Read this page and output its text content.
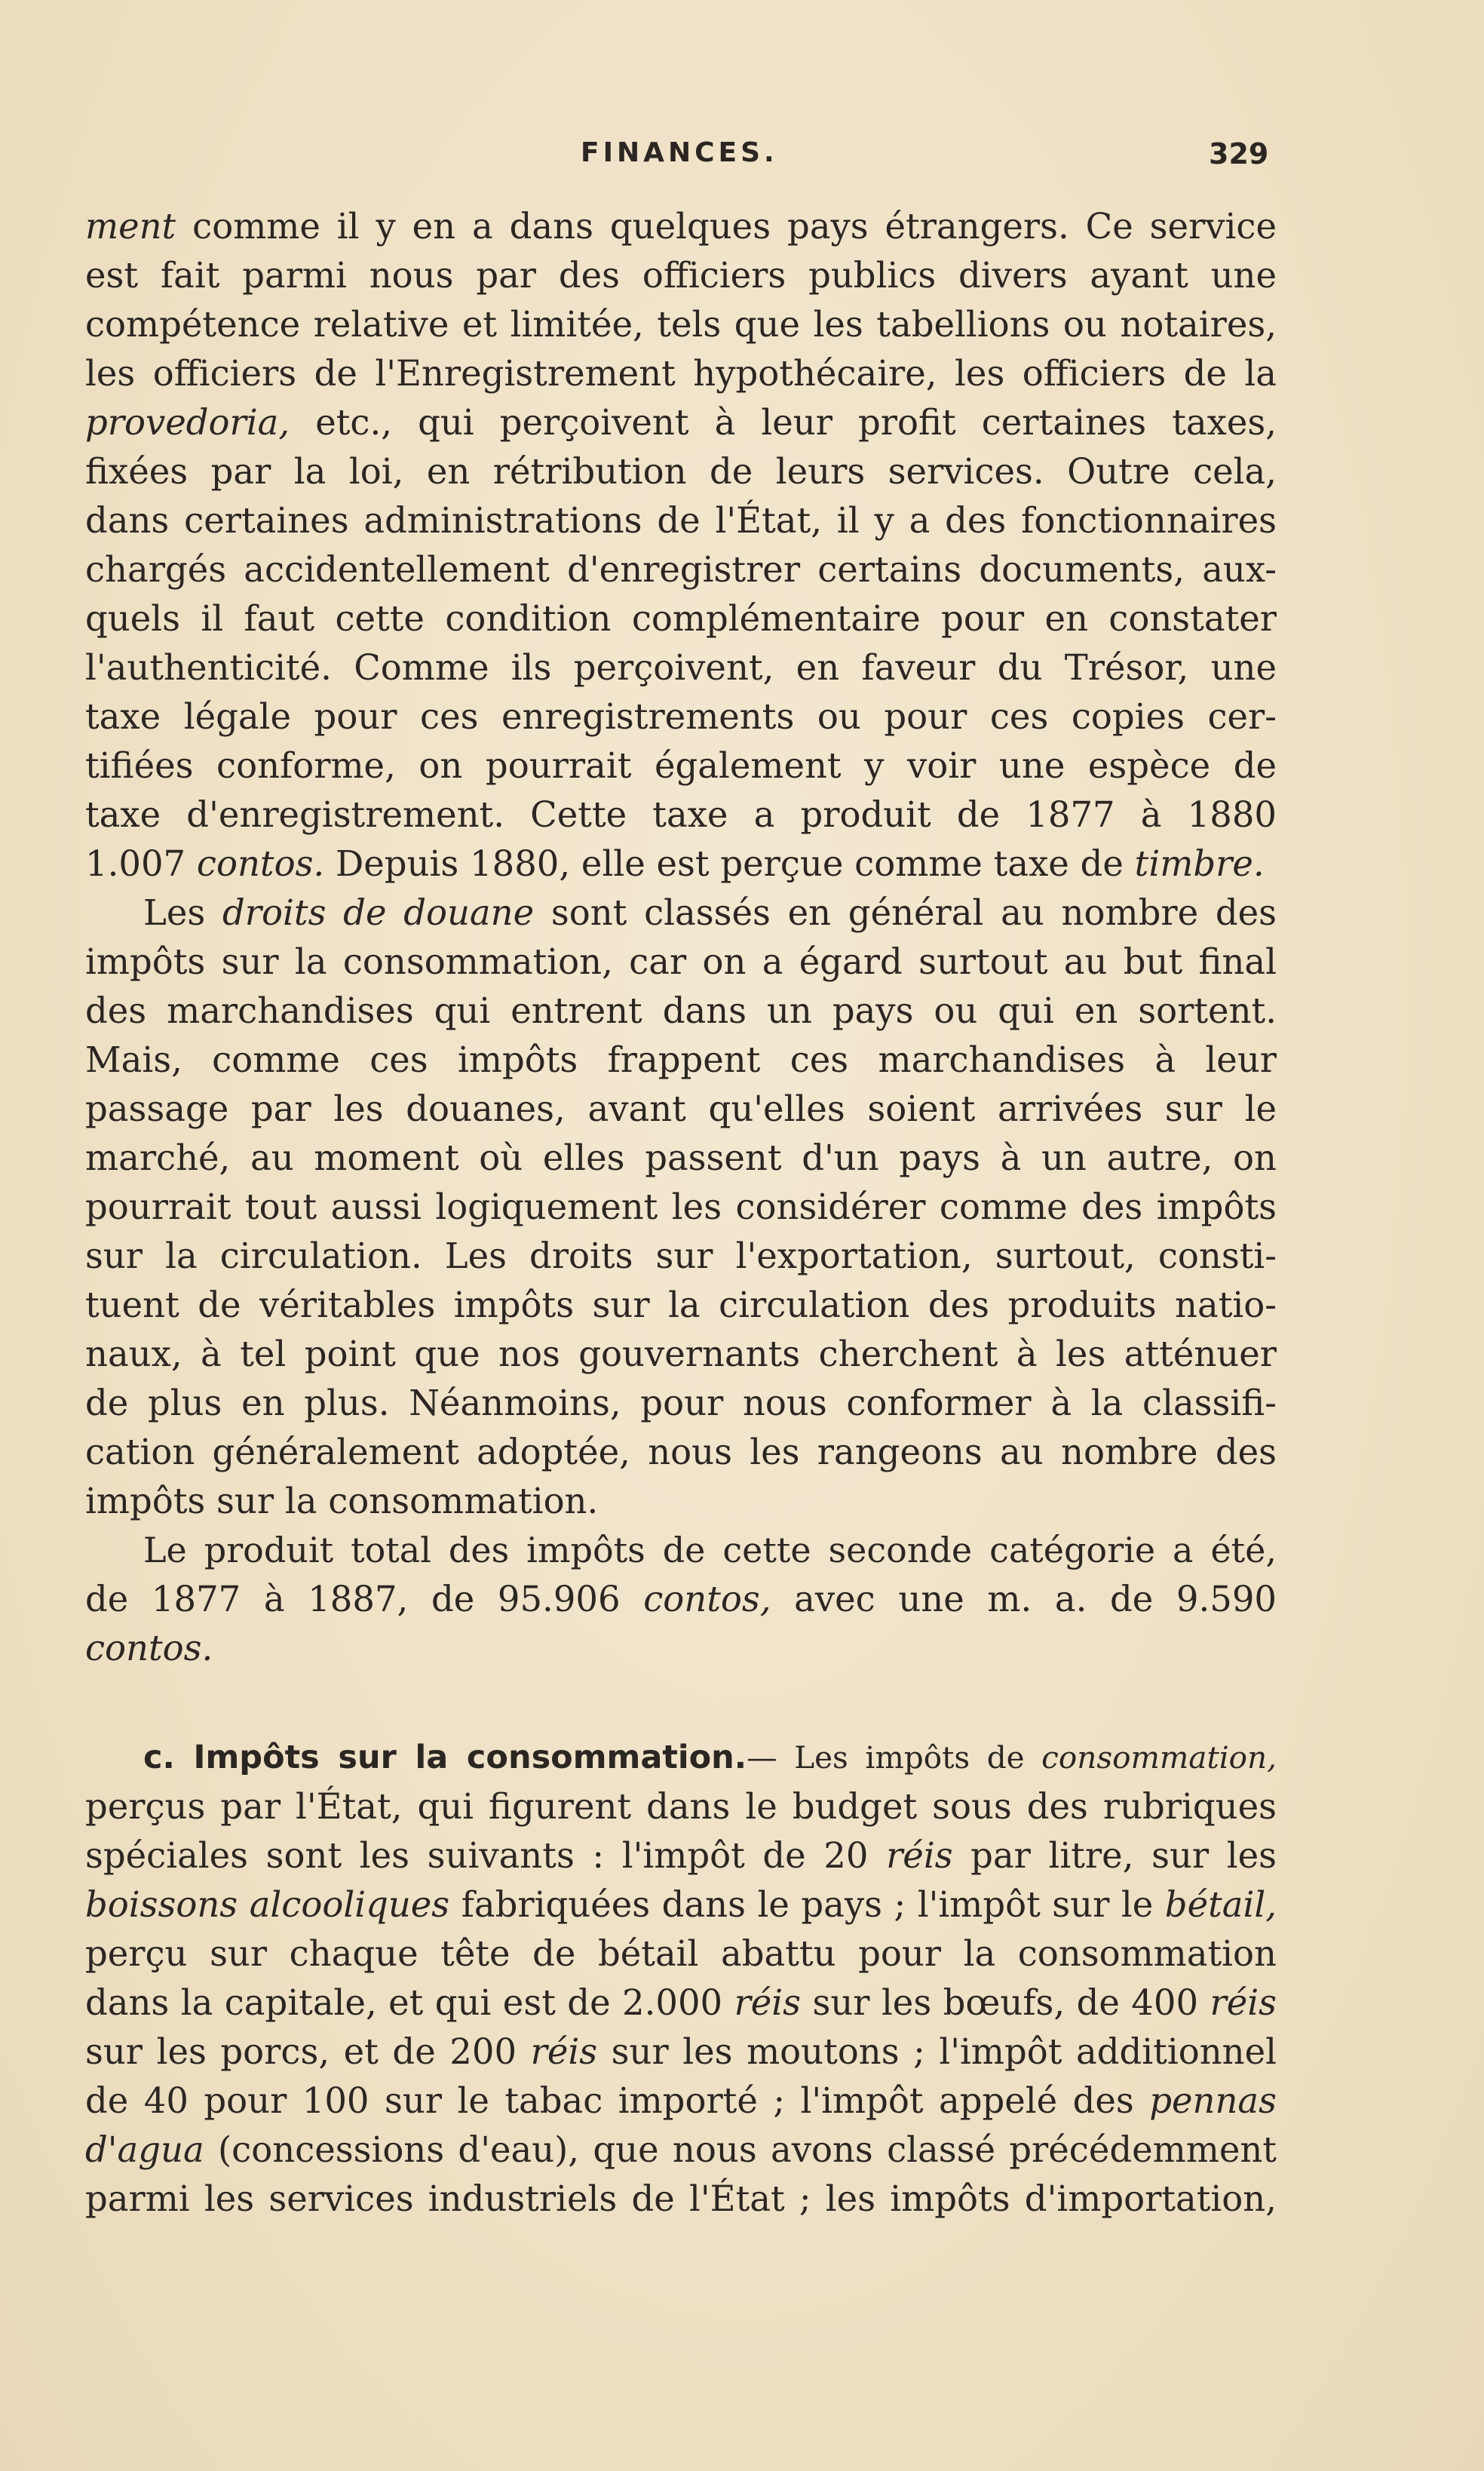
FINANCES.	329
ment comme il y en a dans quelques pays étrangers. Ce service
est fait parmi nous par des officiers publics divers ayant une
compétence relative et limitée, tels que les tabellions ou notaires,
les officiers de l'Enregistrement hypothécaire, les officiers de la
provedoria, etc., qui perçoivent à leur profit certaines taxes,
fixées par la loi, en rétribution de leurs services. Outre cela,
dans certaines administrations de l'État, il y a des fonctionnaires
chargés accidentellement d'enregistrer certains documents, aux-
quels il faut cette condition complémentaire pour en constater
l'authenticité. Comme ils perçoivent, en faveur du Trésor, une
taxe légale pour ces enregistrements ou pour ces copies cer-
tifiées conforme, on pourrait également y voir une espèce de
taxe d'enregistrement. Cette taxe a produit de 1877 à 1880
1.007 contos. Depuis 1880, elle est perçue comme taxe de timbre.
Les droits de douane sont classés en général au nombre des
impôts sur la consommation, car on a égard surtout au but final
des marchandises qui entrent dans un pays ou qui en sortent.
Mais, comme ces impôts frappent ces marchandises à leur
passage par les douanes, avant qu'elles soient arrivées sur le
marché, au moment où elles passent d'un pays à un autre, on
pourrait tout aussi logiquement les considérer comme des impôts
sur la circulation. Les droits sur l'exportation, surtout, consti-
tuent de véritables impôts sur la circulation des produits natio-
naux, à tel point que nos gouvernants cherchent à les atténuer
de plus en plus. Néanmoins, pour nous conformer à la classifi-
cation généralement adoptée, nous les rangeons au nombre des
impôts sur la consommation.
Le produit total des impôts de cette seconde catégorie a été,
de 1877 à 1887, de 95.906 contos, avec une m. a. de 9.590
contos.
c. Impôts sur la consommation.— Les impôts de consommation,
perçus par l'État, qui figurent dans le budget sous des rubriques
spéciales sont les suivants : l'impôt de 20 réis par litre, sur les
boissons alcooliques fabriquées dans le pays ; l'impôt sur le bétail,
perçu sur chaque tête de bétail abattu pour la consommation
dans la capitale, et qui est de 2.000 réis sur les bœufs, de 400 réis
sur les porcs, et de 200 réis sur les moutons ; l'impôt additionnel
de 40 pour 100 sur le tabac importé ; l'impôt appelé des pennas
d'agua (concessions d'eau), que nous avons classé précédemment
parmi les services industriels de l'État ; les impôts d'importation,
